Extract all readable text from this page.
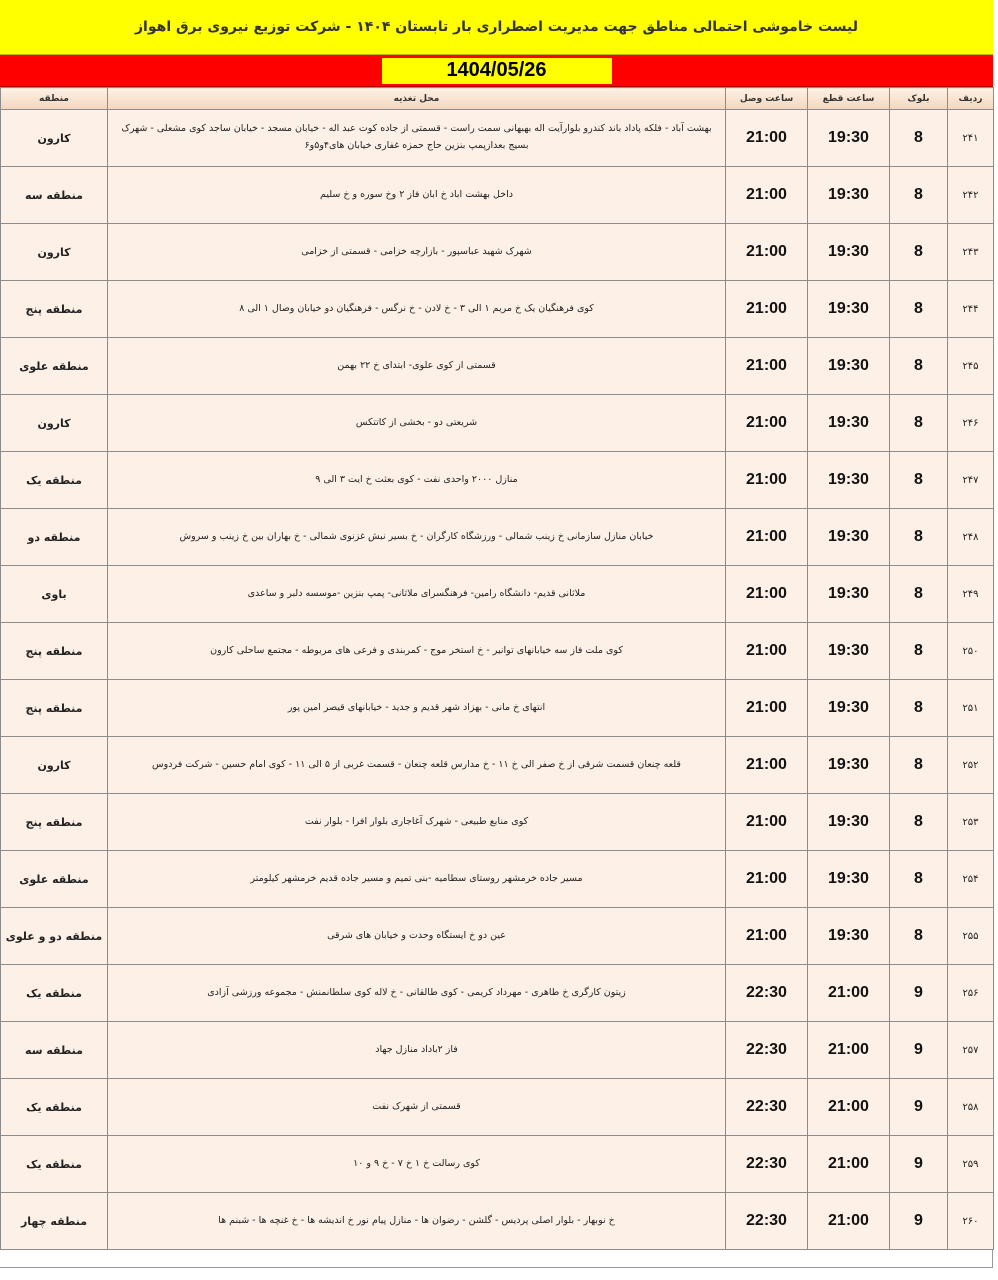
لیست خاموشی احتمالی مناطق جهت مدیریت اضطراری بار تابستان ۱۴۰۴ - شرکت توزیع نیروی برق اهواز
1404/05/26
ردیف	بلوک	ساعت قطع	ساعت وصل	محل تغذیه	منطقه
۲۴۱	8	19:30	21:00	بهشت آباد - فلکه پاداد باند کندرو بلوارآیت اله بهبهانی سمت راست - قسمتی از جاده کوت عبد اله - خیابان مسجد - خیابان ساجد کوی مشعلی - شهرک بسیج بعدازپمپ بنزین حاج حمزه غفاری خیابان های۴و۵و۶	کارون
۲۴۲	8	19:30	21:00	داخل بهشت اباد خ ابان فاز ۲ وخ سوره و خ سلیم	منطقه سه
۲۴۳	8	19:30	21:00	شهرک شهید عباسپور - بازارچه خزامی - قسمتی از خزامی	کارون
۲۴۴	8	19:30	21:00	کوی فرهنگیان یک خ مریم ۱ الی ۳ - خ لادن - خ نرگس - فرهنگیان دو خیابان وصال ۱ الی ۸	منطقه پنج
۲۴۵	8	19:30	21:00	قسمتی از کوی علوی- ابتدای خ ۲۲ بهمن	منطقه علوی
۲۴۶	8	19:30	21:00	شریعتی دو - بخشی از کاتتکس	کارون
۲۴۷	8	19:30	21:00	منازل ۲۰۰۰ واحدی نفت - کوی بعثت خ ایت ۳ الی ۹	منطقه یک
۲۴۸	8	19:30	21:00	خیابان منازل سازمانی خ زینب شمالی - ورزشگاه کارگران - خ بسیر نبش غزنوی شمالی - خ بهاران بین خ زینب و سروش	منطقه دو
۲۴۹	8	19:30	21:00	ملاثانی قدیم- دانشگاه رامین- فرهنگسرای ملاثانی- پمپ بنزین -موسسه دلبر و ساعدی	باوی
۲۵۰	8	19:30	21:00	کوی ملت فاز سه خیابانهای توانیر - خ استخر موج - کمربندی و فرعی های مربوطه - مجتمع ساحلی کارون	منطقه پنج
۲۵۱	8	19:30	21:00	انتهای خ مانی - بهزاد شهر قدیم و جدید - خیابانهای قیصر امین پور	منطقه پنج
۲۵۲	8	19:30	21:00	قلعه چنعان قسمت شرقی از خ صفر الی خ ۱۱ - خ مدارس قلعه چنعان - قسمت غربی از ۵ الی ۱۱ - کوی امام حسین - شرکت فردوس	کارون
۲۵۳	8	19:30	21:00	کوی منابع طبیعی - شهرک آغاجاری بلوار افرا - بلوار نفت	منطقه پنج
۲۵۴	8	19:30	21:00	مسیر جاده خرمشهر روستای سطامیه -بنی تمیم و مسیر جاده قدیم خرمشهر کیلومتر	منطقه علوی
۲۵۵	8	19:30	21:00	عین دو خ ایستگاه وحدت و خیابان های شرقی	منطقه دو و علوی
۲۵۶	9	21:00	22:30	زیتون کارگری خ طاهری - مهرداد کریمی - کوی طالقانی - خ لاله کوی سلطانمنش - مجموعه ورزشی آزادی	منطقه یک
۲۵۷	9	21:00	22:30	فاز ۲باداد منازل جهاد	منطقه سه
۲۵۸	9	21:00	22:30	قسمتی از شهرک نفت	منطقه یک
۲۵۹	9	21:00	22:30	کوی رسالت خ ۱ خ ۷ - خ ۹ و ۱۰	منطقه یک
۲۶۰	9	21:00	22:30	خ نوبهار - بلوار اصلی پردیس - گلشن - رضوان ها - منازل پیام نور خ اندیشه ها - خ غنچه ها - شبنم ها	منطقه چهار
